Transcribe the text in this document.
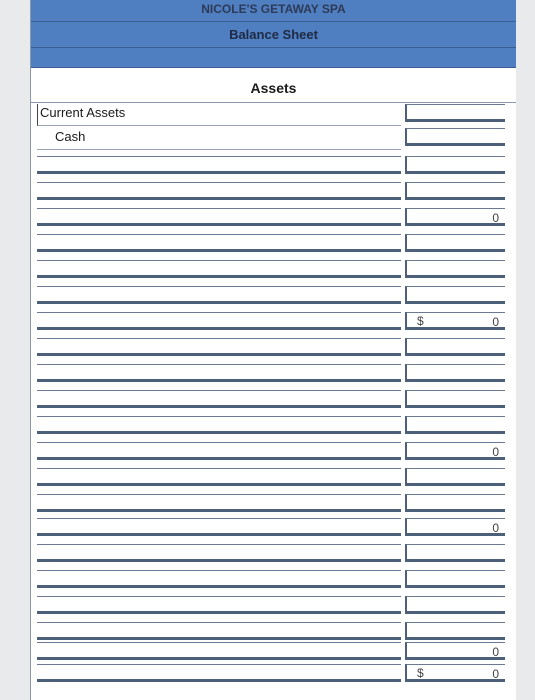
NICOLE'S GETAWAY SPA
Balance Sheet
Assets
Current Assets
Cash
0
0
$
0
0
0
0
$
